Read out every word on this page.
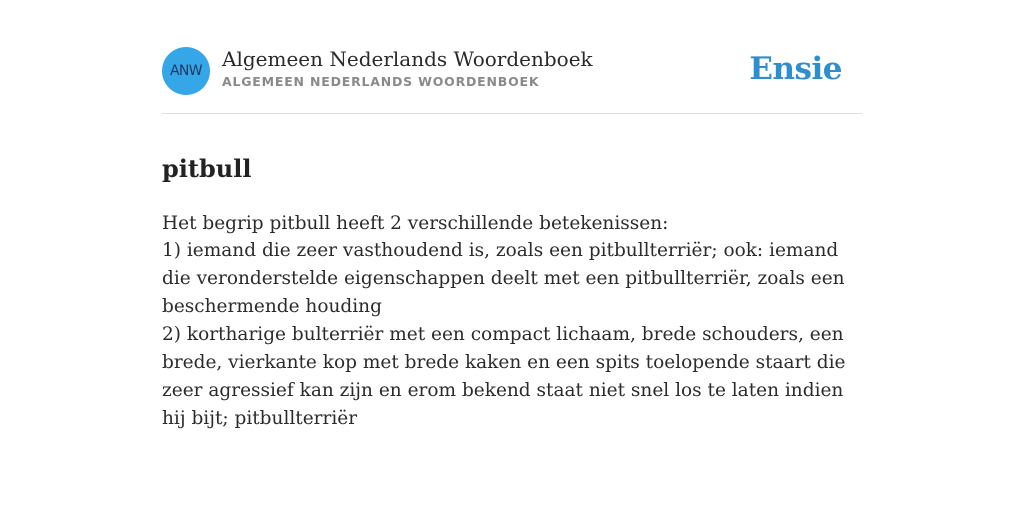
ANW Algemeen Nederlands Woordenboek
ALGEMEEN NEDERLANDS WOORDENBOEK	Ensie
pitbull

Het begrip pitbull heeft 2 verschillende betekenissen:

1) iemand die zeer vasthoudend is, zoals een pitbullterriër; ook: iemand die veronderstelde eigenschappen deelt met een pitbullterriër, zoals een beschermende houding

2) kortharige bulterriër met een compact lichaam, brede schouders, een brede, vierkante kop met brede kaken en een spits toelopende staart die zeer agressief kan zijn en erom bekend staat niet snel los te laten indien hij bijt; pitbullterriër
